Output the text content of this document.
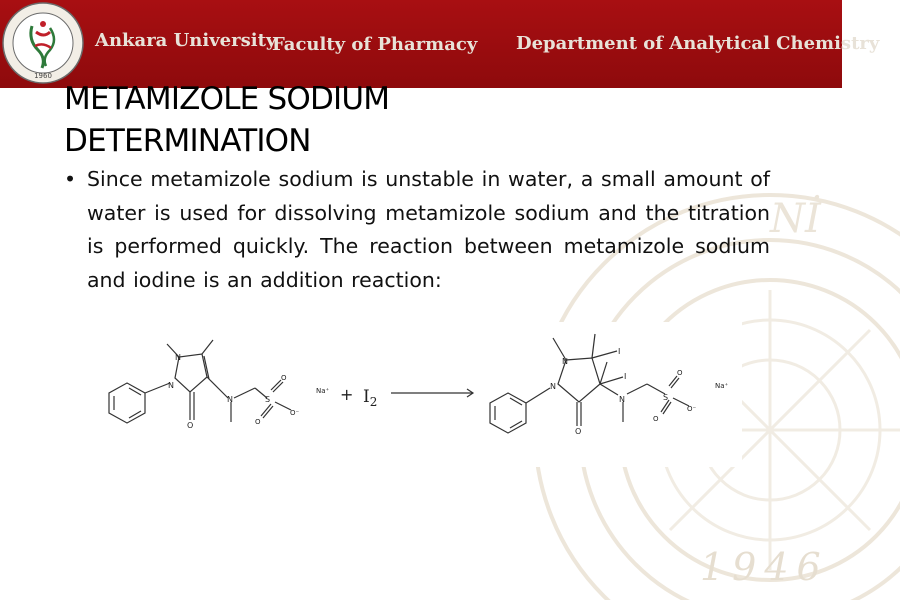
1960
Ankara University
Faculty of Pharmacy Department of Analytical Chemistry
Nİ
1946
METAMIZOLE SODIUM
DETERMINATION
• Since metamizole sodium is unstable in water, a small amount of water is used for dissolving metamizole sodium and the titration is performed quickly. The reaction between metamizole sodium and iodine is an addition reaction:
N
N
O
N	S
O
O
O⁻
$Na^+ + I_2$
N
N
O
N	S
O
O
O⁻
I
I
Na⁺
